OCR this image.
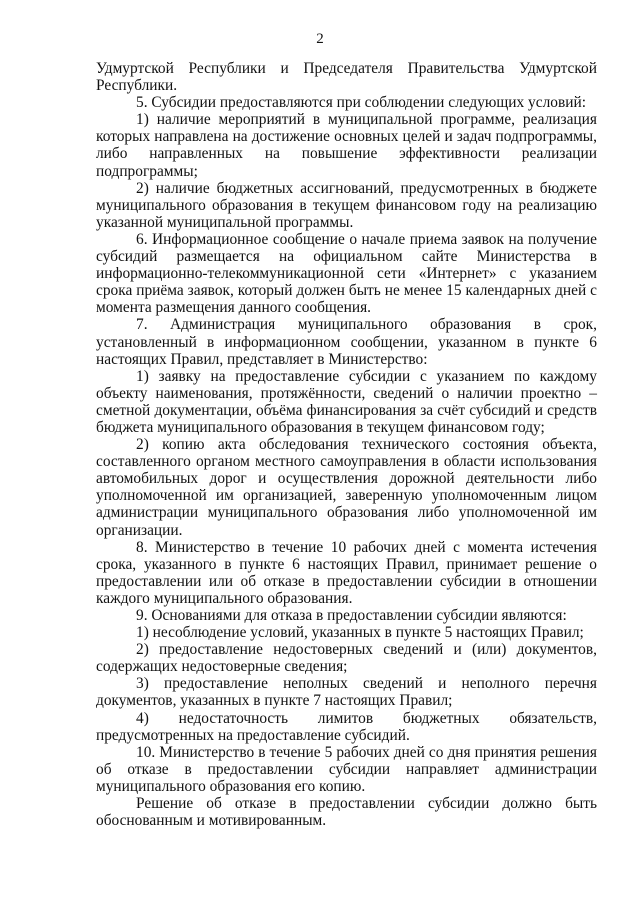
2

Удмуртской Республики и Председателя Правительства Удмуртской Республики.

5. Субсидии предоставляются при соблюдении следующих условий:

1) наличие мероприятий в муниципальной программе, реализация которых направлена на достижение основных целей и задач подпрограммы, либо направленных на повышение эффективности реализации подпрограммы;

2) наличие бюджетных ассигнований, предусмотренных в бюджете муниципального образования в текущем финансовом году на реализацию указанной муниципальной программы.

6. Информационное сообщение о начале приема заявок на получение субсидий размещается на официальном сайте Министерства в информационно-телекоммуникационной сети «Интернет» с указанием срока приёма заявок, который должен быть не менее 15 календарных дней с момента размещения данного сообщения.

7. Администрация муниципального образования в срок, установленный в информационном сообщении, указанном в пункте 6 настоящих Правил, представляет в Министерство:

1) заявку на предоставление субсидии с указанием по каждому объекту наименования, протяжённости, сведений о наличии проектно – сметной документации, объёма финансирования за счёт субсидий и средств бюджета муниципального образования в текущем финансовом году;

2) копию акта обследования технического состояния объекта, составленного органом местного самоуправления в области использования автомобильных дорог и осуществления дорожной деятельности либо уполномоченной им организацией, заверенную уполномоченным лицом администрации муниципального образования либо уполномоченной им организации.

8. Министерство в течение 10 рабочих дней с момента истечения срока, указанного в пункте 6 настоящих Правил, принимает решение о предоставлении или об отказе в предоставлении субсидии в отношении каждого муниципального образования.

9. Основаниями для отказа в предоставлении субсидии являются:

1) несоблюдение условий, указанных в пункте 5 настоящих Правил;

2) предоставление недостоверных сведений и (или) документов, содержащих недостоверные сведения;

3) предоставление неполных сведений и неполного перечня документов, указанных в пункте 7 настоящих Правил;

4) недостаточность лимитов бюджетных обязательств, предусмотренных на предоставление субсидий.

10. Министерство в течение 5 рабочих дней со дня принятия решения об отказе в предоставлении субсидии направляет администрации муниципального образования его копию.

Решение об отказе в предоставлении субсидии должно быть обоснованным и мотивированным.
